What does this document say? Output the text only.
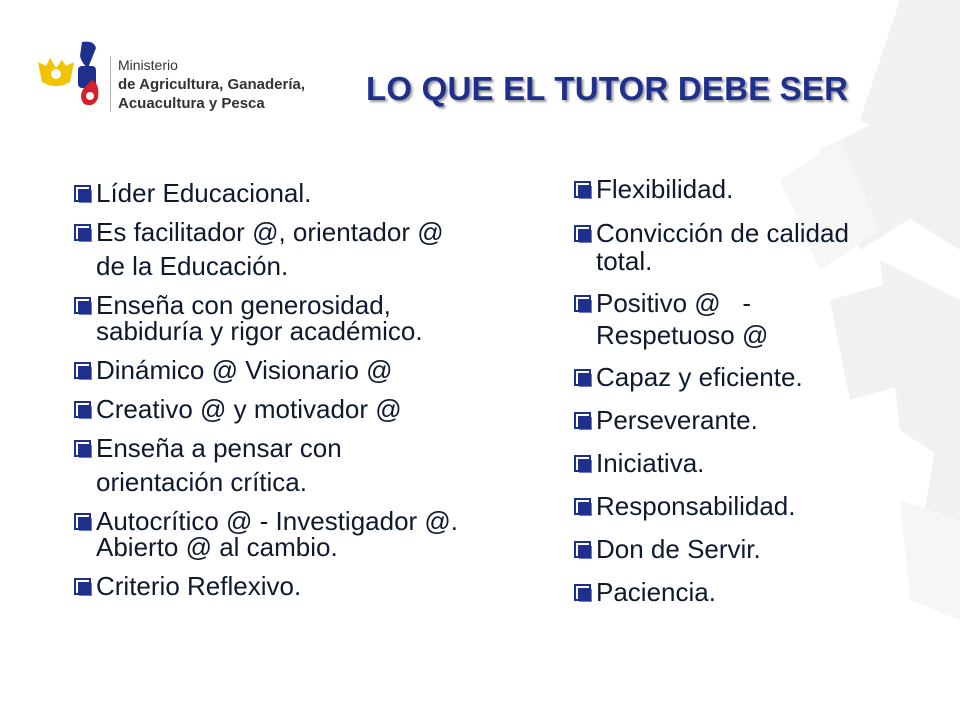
Ministerio
de Agricultura, Ganadería,
Acuacultura y Pesca	LO QUE EL TUTOR DEBE SER
Líder Educacional.
Es facilitador @, orientador @
de la Educación.
Enseña con generosidad,
sabiduría y rigor académico.
Dinámico @ Visionario @
Creativo @ y motivador @
Enseña a pensar con
orientación crítica.
Autocrítico @ - Investigador @.
Abierto @ al cambio.
Criterio Reflexivo.
Flexibilidad.
Convicción de calidad
total.
Positivo @   -
Respetuoso @
Capaz y eficiente.
Perseverante.
Iniciativa.
Responsabilidad.
Don de Servir.
Paciencia.
